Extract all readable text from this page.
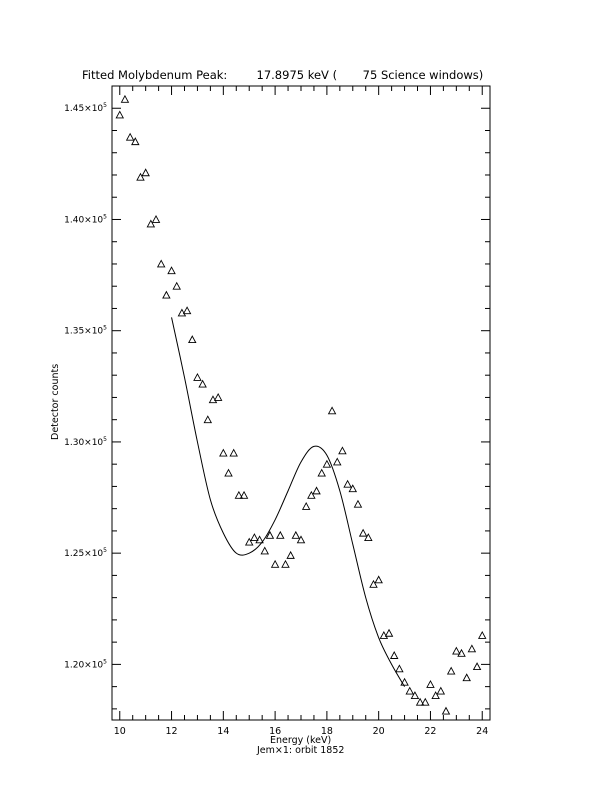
Fitted Molybdenum Peak:        17.8975 keV (       75 Science windows)
10	12	14	16	18	20	22	24
$1.20\times 10^5$
$1.25\times 10^5$
$1.30\times 10^5$
$1.35\times 10^5$
$1.40\times 10^5$
$1.45\times 10^5$
Energy (keV)
Jem×1: orbit 1852
Detector counts
